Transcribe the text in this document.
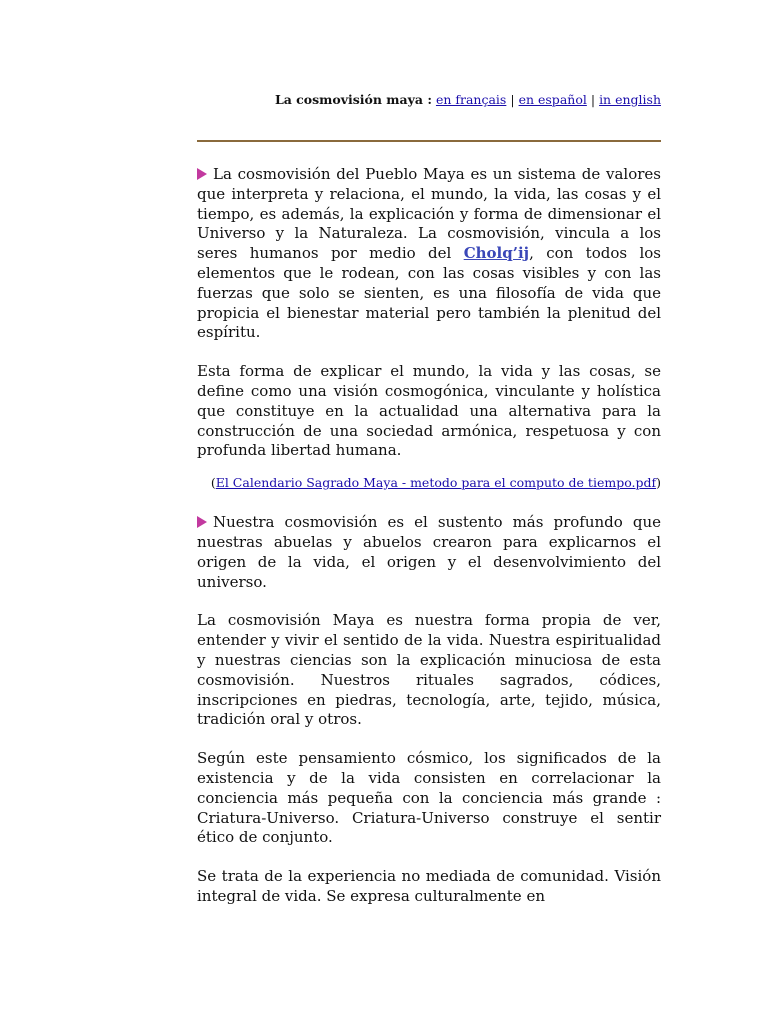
La cosmovisión maya : en français | en español | in english

La cosmovisión del Pueblo Maya es un sistema de valores que interpreta y relaciona, el mundo, la vida, las cosas y el tiempo, es además, la explicación y forma de dimensionar el Universo y la Naturaleza. La cosmovisión, vincula a los seres humanos por medio del Cholq’ij, con todos los elementos que le rodean, con las cosas visibles y con las fuerzas que solo se sienten, es una filosofía de vida que propicia el bienestar material pero también la plenitud del espíritu.

Esta forma de explicar el mundo, la vida y las cosas, se define como una visión cosmogónica, vinculante y holística que constituye en la actualidad una alternativa para la construcción de una sociedad armónica, respetuosa y con profunda libertad humana.

(El Calendario Sagrado Maya - metodo para el computo de tiempo.pdf)

Nuestra cosmovisión es el sustento más profundo que nuestras abuelas y abuelos crearon para explicarnos el origen de la vida, el origen y el desenvolvimiento del universo.

La cosmovisión Maya es nuestra forma propia de ver, entender y vivir el sentido de la vida. Nuestra espiritualidad y nuestras ciencias son la explicación minuciosa de esta cosmovisión. Nuestros rituales sagrados, códices, inscripciones en piedras, tecnología, arte, tejido, música, tradición oral y otros.

Según este pensamiento cósmico, los significados de la existencia y de la vida consisten en correlacionar la conciencia más pequeña con la conciencia más grande : Criatura-Universo. Criatura-Universo construye el sentir ético de conjunto.

Se trata de la experiencia no mediada de comunidad. Visión integral de vida. Se expresa culturalmente en
